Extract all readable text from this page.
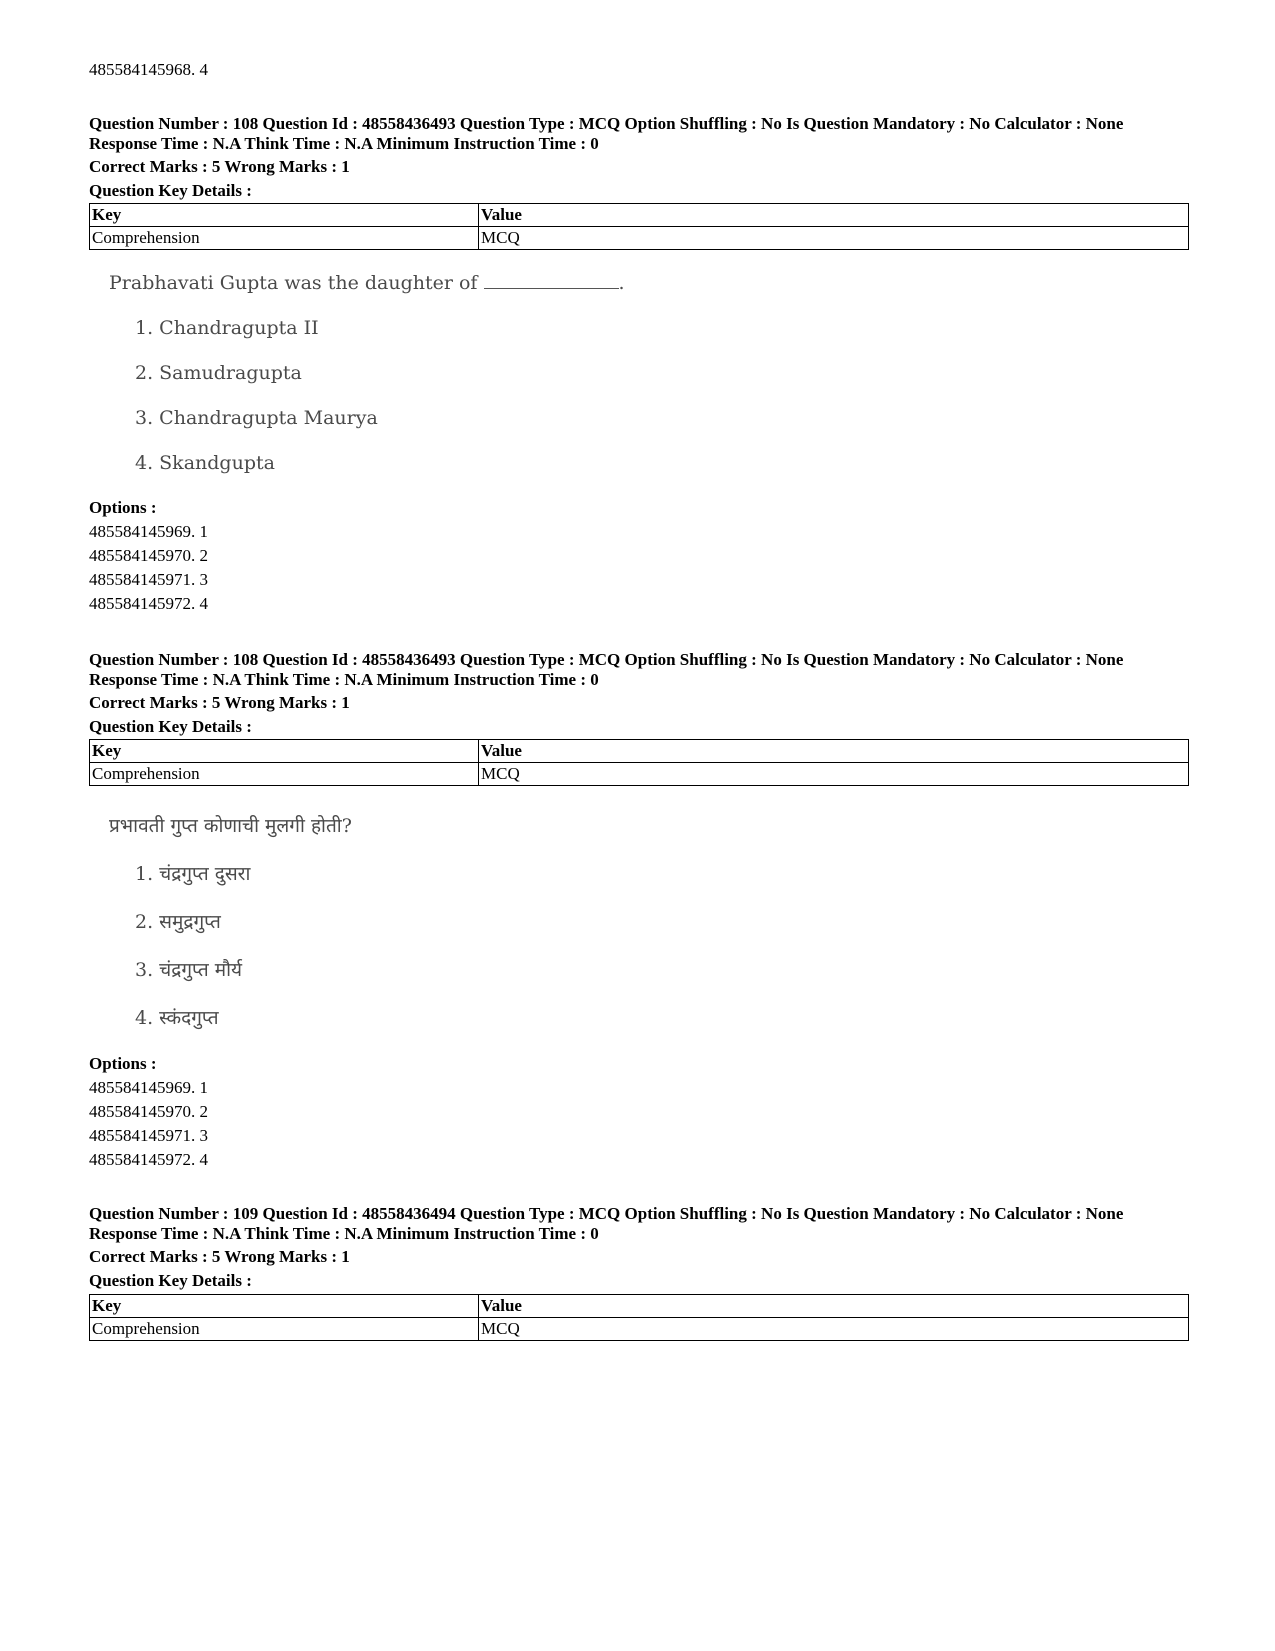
485584145968. 4
Question Number : 108 Question Id : 48558436493 Question Type : MCQ Option Shuffling : No Is Question Mandatory : No Calculator : None Response Time : N.A Think Time : N.A Minimum Instruction Time : 0
Correct Marks : 5 Wrong Marks : 1
Question Key Details :
Key	Value
Comprehension	MCQ
Prabhavati Gupta was the daughter of	.
1. Chandragupta II
2. Samudragupta
3. Chandragupta Maurya
4. Skandgupta
Options :
485584145969. 1
485584145970. 2
485584145971. 3
485584145972. 4
Question Number : 108 Question Id : 48558436493 Question Type : MCQ Option Shuffling : No Is Question Mandatory : No Calculator : None Response Time : N.A Think Time : N.A Minimum Instruction Time : 0
Correct Marks : 5 Wrong Marks : 1
Question Key Details :
Key	Value
Comprehension	MCQ
प्रभावती गुप्त कोणाची मुलगी होती?
1. चंद्रगुप्त दुसरा
2. समुद्रगुप्त
3. चंद्रगुप्त मौर्य
4. स्कंदगुप्त
Options :
485584145969. 1
485584145970. 2
485584145971. 3
485584145972. 4
Question Number : 109 Question Id : 48558436494 Question Type : MCQ Option Shuffling : No Is Question Mandatory : No Calculator : None Response Time : N.A Think Time : N.A Minimum Instruction Time : 0
Correct Marks : 5 Wrong Marks : 1
Question Key Details :
Key	Value
Comprehension	MCQ
